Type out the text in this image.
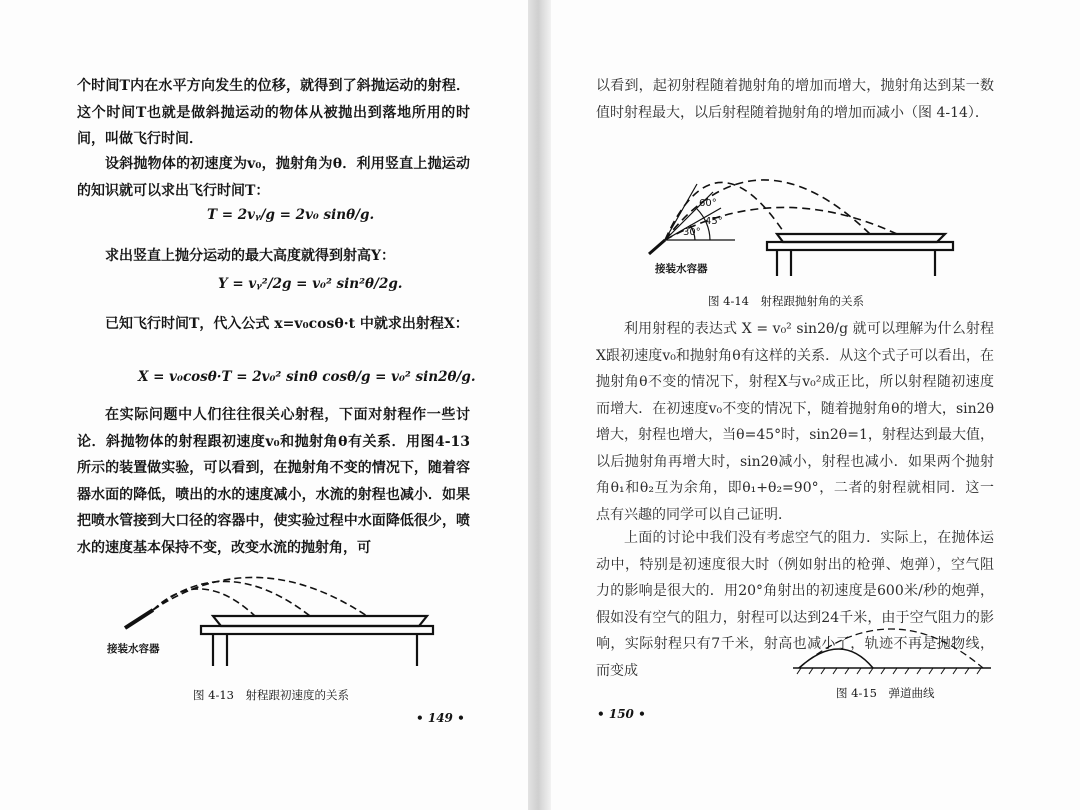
个时间T内在水平方向发生的位移，就得到了斜抛运动的射程．这个时间T也就是做斜抛运动的物体从被抛出到落地所用的时间，叫做飞行时间．

设斜抛物体的初速度为v₀，抛射角为θ．利用竖直上抛运动的知识就可以求出飞行时间T：

T = 2vᵧ/g = 2v₀ sinθ/g.

求出竖直上抛分运动的最大高度就得到射高Y：

Y = vᵧ²/2g = v₀² sin²θ/2g.

已知飞行时间T，代入公式 x=v₀cosθ·t 中就求出射程X：

X = v₀cosθ·T = 2v₀² sinθ cosθ/g = v₀² sin2θ/g.

在实际问题中人们往往很关心射程，下面对射程作一些讨论．斜抛物体的射程跟初速度v₀和抛射角θ有关系．用图4-13所示的装置做实验，可以看到，在抛射角不变的情况下，随着容器水面的降低，喷出的水的速度减小，水流的射程也减小．如果把喷水管接到大口径的容器中，使实验过程中水面降低很少，喷水的速度基本保持不变，改变水流的抛射角，可

接装水容器
图 4-13　射程跟初速度的关系
• 149 •

以看到，起初射程随着抛射角的增加而增大，抛射角达到某一数值时射程最大，以后射程随着抛射角的增加而减小（图 4-14）．

60°
45°
30°
接装水容器
图 4-14　射程跟抛射角的关系

利用射程的表达式 X = v₀² sin2θ/g 就可以理解为什么射程X跟初速度v₀和抛射角θ有这样的关系．从这个式子可以看出，在抛射角θ不变的情况下，射程X与v₀²成正比，所以射程随初速度而增大．在初速度v₀不变的情况下，随着抛射角θ的增大，sin2θ增大，射程也增大，当θ=45°时，sin2θ=1，射程达到最大值，以后抛射角再增大时，sin2θ减小，射程也减小．如果两个抛射角θ₁和θ₂互为余角，即θ₁+θ₂=90°，二者的射程就相同．这一点有兴趣的同学可以自己证明．

上面的讨论中我们没有考虑空气的阻力．实际上，在抛体运动中，特别是初速度很大时（例如射出的枪弹、炮弹），空气阻力的影响是很大的．用20°角射出的初速度是600米/秒的炮弹，假如没有空气的阻力，射程可以达到24千米，由于空气阻力的影响，实际射程只有7千米，射高也减小了，轨迹不再是抛物线，而变成

图 4-15　弹道曲线
• 150 •
